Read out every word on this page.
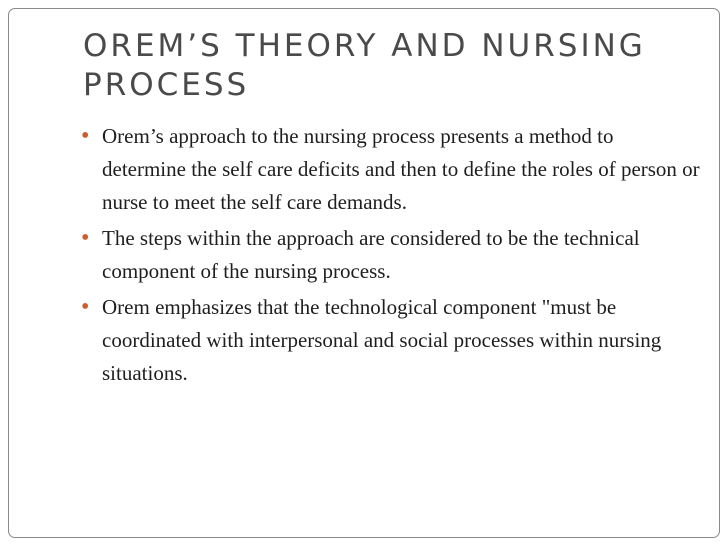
OREM’S THEORY AND NURSING PROCESS
• Orem’s approach to the nursing process presents a method to determine the self care deficits and then to define the roles of person or nurse to meet the self care demands.
• The steps within the approach are considered to be the technical component of the nursing process.
• Orem emphasizes that the technological component "must be coordinated with interpersonal and social processes within nursing situations.
